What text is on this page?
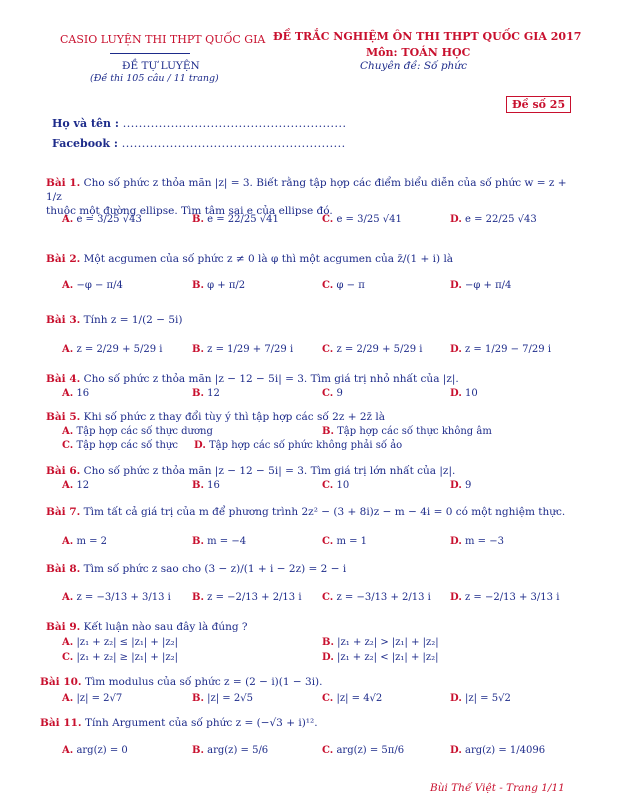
CASIO LUYỆN THI THPT QUỐC GIA
ĐỀ TỰ LUYỆN
(Đề thi 105 câu / 11 trang)
ĐỀ TRẮC NGHIỆM ÔN THI THPT QUỐC GIA 2017
Môn: TOÁN HỌC
Chuyên đề: Số phức
Đề số 25
Họ và tên : ........................................................
Facebook : ........................................................
Bài 1. Cho số phức z thỏa mãn |z| = 3. Biết rằng tập hợp các điểm biểu diễn của số phức w = z + 1/z
thuộc một đường ellipse. Tìm tâm sai e của ellipse đó.
A. e = 3/25 √43	B. e = 22/25 √41	C. e = 3/25 √41	D. e = 22/25 √43
Bài 2. Một acgumen của số phức z ≠ 0 là φ thì một acgumen của z̄/(1 + i) là
A. −φ − π/4	B. φ + π/2	C. φ − π	D. −φ + π/4
Bài 3. Tính z = 1/(2 − 5i)
A. z = 2/29 + 5/29 i	B. z = 1/29 + 7/29 i	C. z = 2/29 + 5/29 i	D. z = 1/29 − 7/29 i
Bài 4. Cho số phức z thỏa mãn |z − 12 − 5i| = 3. Tìm giá trị nhỏ nhất của |z|.
A. 16	B. 12	C. 9	D. 10
Bài 5. Khi số phức z thay đổi tùy ý thì tập hợp các số 2z + 2z̄ là
A. Tập hợp các số thực dương	B. Tập hợp các số thực không âm
C. Tập hợp các số thực D. Tập hợp các số phức không phải số ảo
Bài 6. Cho số phức z thỏa mãn |z − 12 − 5i| = 3. Tìm giá trị lớn nhất của |z|.
A. 12	B. 16	C. 10	D. 9
Bài 7. Tìm tất cả giá trị của m để phương trình 2z² − (3 + 8i)z − m − 4i = 0 có một nghiệm thực.
A. m = 2	B. m = −4	C. m = 1	D. m = −3
Bài 8. Tìm số phức z sao cho (3 − z)/(1 + i − 2z) = 2 − i
A. z = −3/13 + 3/13 i B. z = −2/13 + 2/13 i C. z = −3/13 + 2/13 i D. z = −2/13 + 3/13 i
Bài 9. Kết luận nào sau đây là đúng ?
A. |z₁ + z₂| ≤ |z₁| + |z₂|	B. |z₁ + z₂| > |z₁| + |z₂|
C. |z₁ + z₂| ≥ |z₁| + |z₂|	D. |z₁ + z₂| < |z₁| + |z₂|
Bài 10. Tìm modulus của số phức z = (2 − i)(1 − 3i).
A. |z| = 2√7	B. |z| = 2√5	C. |z| = 4√2	D. |z| = 5√2
Bài 11. Tính Argument của số phức z = (−√3 + i)¹².
A. arg(z) = 0	B. arg(z) = 5/6	C. arg(z) = 5π/6	D. arg(z) = 1/4096
Bùi Thế Việt - Trang 1/11
